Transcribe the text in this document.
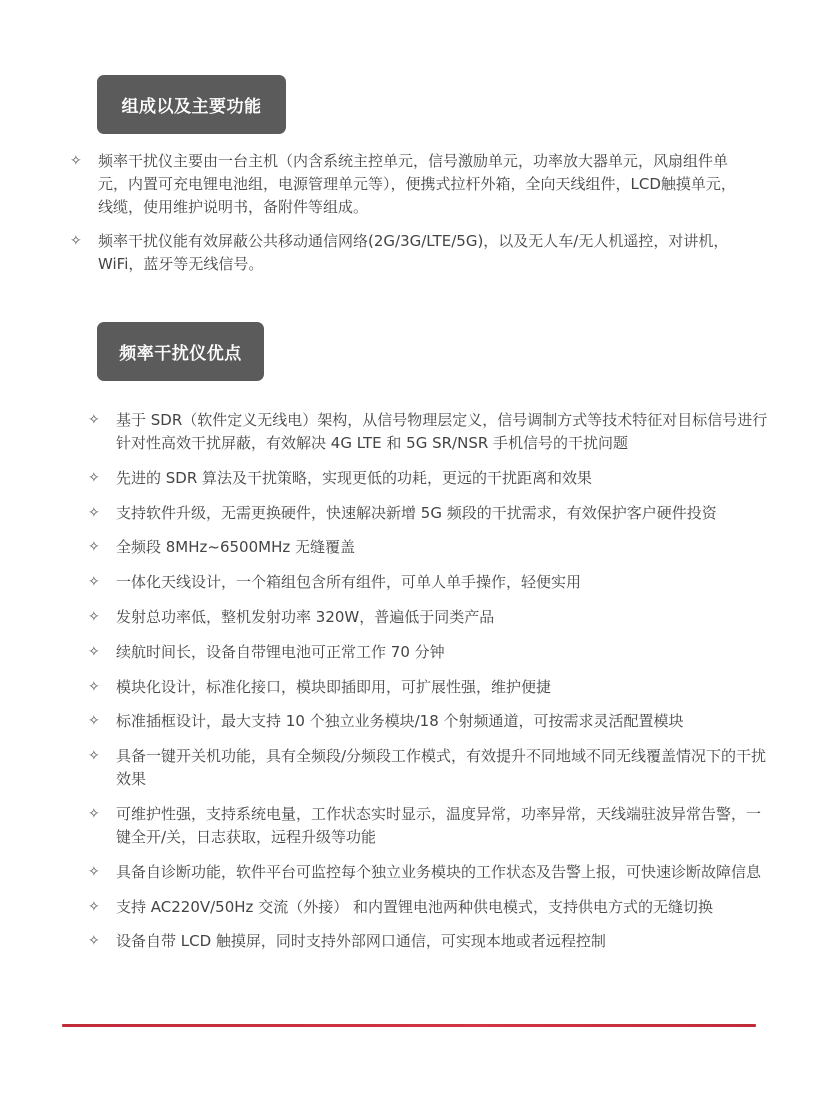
组成以及主要功能
✧ 频率干扰仪主要由一台主机（内含系统主控单元，信号激励单元，功率放大器单元，风扇组件单元，内置可充电锂电池组，电源管理单元等），便携式拉杆外箱，全向天线组件，LCD触摸单元，线缆，使用维护说明书，备附件等组成。
✧ 频率干扰仪能有效屏蔽公共移动通信网络(2G/3G/LTE/5G)，以及无人车/无人机遥控，对讲机，WiFi，蓝牙等无线信号。
频率干扰仪优点
✧ 基于 SDR（软件定义无线电）架构，从信号物理层定义，信号调制方式等技术特征对目标信号进行针对性高效干扰屏蔽，有效解决 4G LTE 和 5G SR/NSR 手机信号的干扰问题
✧ 先进的 SDR 算法及干扰策略，实现更低的功耗，更远的干扰距离和效果
✧ 支持软件升级，无需更换硬件，快速解决新增 5G 频段的干扰需求，有效保护客户硬件投资
✧ 全频段 8MHz~6500MHz 无缝覆盖
✧ 一体化天线设计，一个箱组包含所有组件，可单人单手操作，轻便实用
✧ 发射总功率低，整机发射功率 320W，普遍低于同类产品
✧ 续航时间长，设备自带锂电池可正常工作 70 分钟
✧ 模块化设计，标准化接口，模块即插即用，可扩展性强，维护便捷
✧ 标准插框设计，最大支持 10 个独立业务模块/18 个射频通道，可按需求灵活配置模块
✧ 具备一键开关机功能，具有全频段/分频段工作模式，有效提升不同地域不同无线覆盖情况下的干扰效果
✧ 可维护性强，支持系统电量，工作状态实时显示，温度异常，功率异常，天线端驻波异常告警，一键全开/关，日志获取，远程升级等功能
✧ 具备自诊断功能，软件平台可监控每个独立业务模块的工作状态及告警上报，可快速诊断故障信息
✧ 支持 AC220V/50Hz 交流（外接） 和内置锂电池两种供电模式，支持供电方式的无缝切换
✧ 设备自带 LCD 触摸屏，同时支持外部网口通信，可实现本地或者远程控制
